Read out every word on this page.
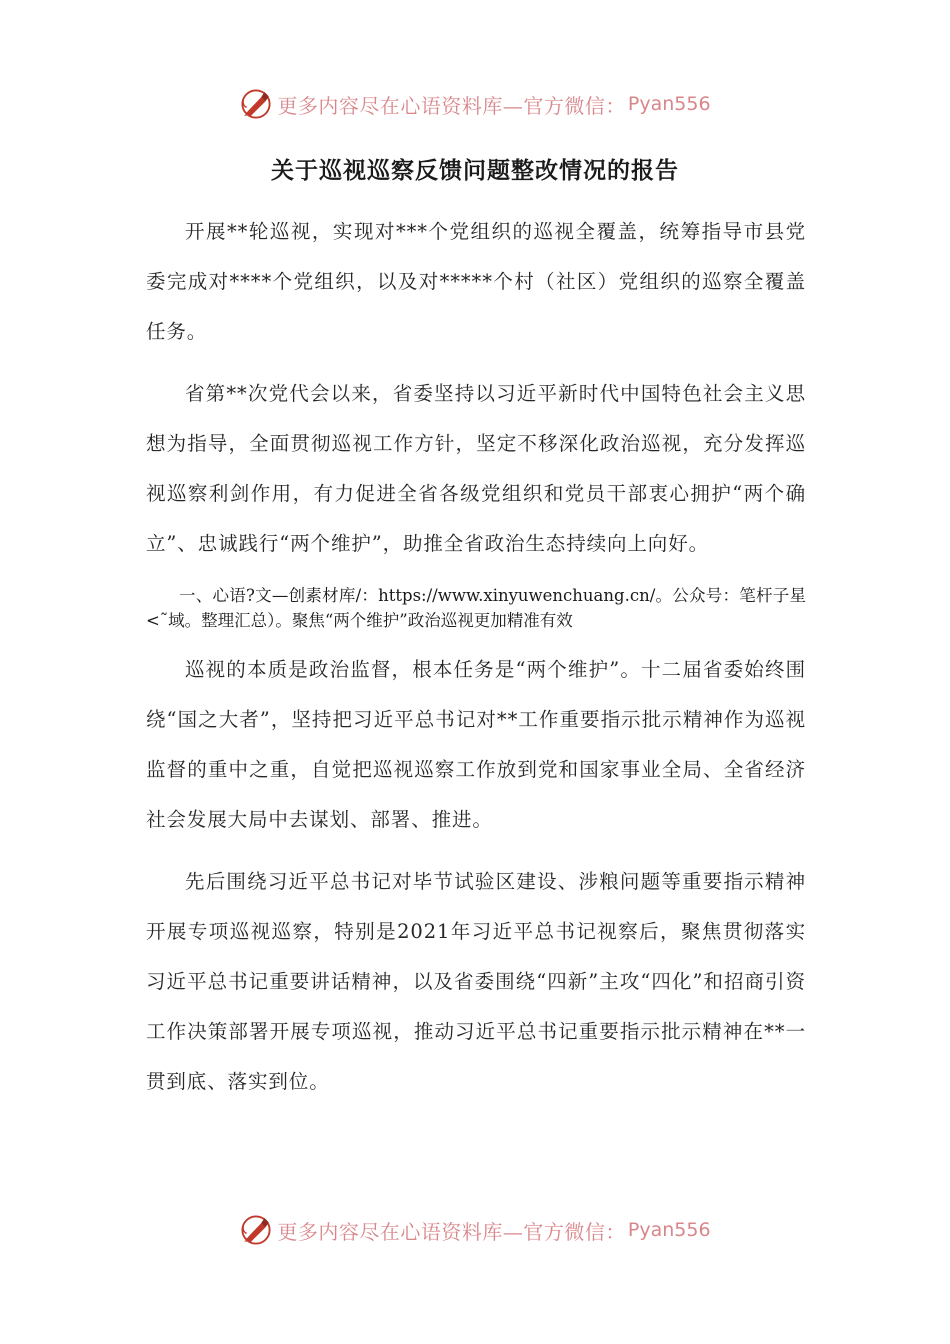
更多内容尽在心语资料库—官方微信： Pyan556
关于巡视巡察反馈问题整改情况的报告

开展**轮巡视，实现对***个党组织的巡视全覆盖，统筹指导市县党委完成对****个党组织，以及对*****个村（社区）党组织的巡察全覆盖任务。

省第**次党代会以来，省委坚持以习近平新时代中国特色社会主义思想为指导，全面贯彻巡视工作方针，坚定不移深化政治巡视，充分发挥巡视巡察利剑作用，有力促进全省各级党组织和党员干部衷心拥护“两个确立”、忠诚践行“两个维护”，助推全省政治生态持续向上向好。

一、心语?文—创素材库/：https://www.xinyuwenchuang.cn/。公众号：笔杆子星<˜域。整理汇总）。聚焦“两个维护”政治巡视更加精准有效

巡视的本质是政治监督，根本任务是“两个维护”。十二届省委始终围绕“国之大者”，坚持把习近平总书记对**工作重要指示批示精神作为巡视监督的重中之重，自觉把巡视巡察工作放到党和国家事业全局、全省经济社会发展大局中去谋划、部署、推进。

先后围绕习近平总书记对毕节试验区建设、涉粮问题等重要指示精神开展专项巡视巡察，特别是2021年习近平总书记视察后，聚焦贯彻落实习近平总书记重要讲话精神，以及省委围绕“四新”主攻“四化”和招商引资工作决策部署开展专项巡视，推动习近平总书记重要指示批示精神在**一贯到底、落实到位。

更多内容尽在心语资料库—官方微信： Pyan556
